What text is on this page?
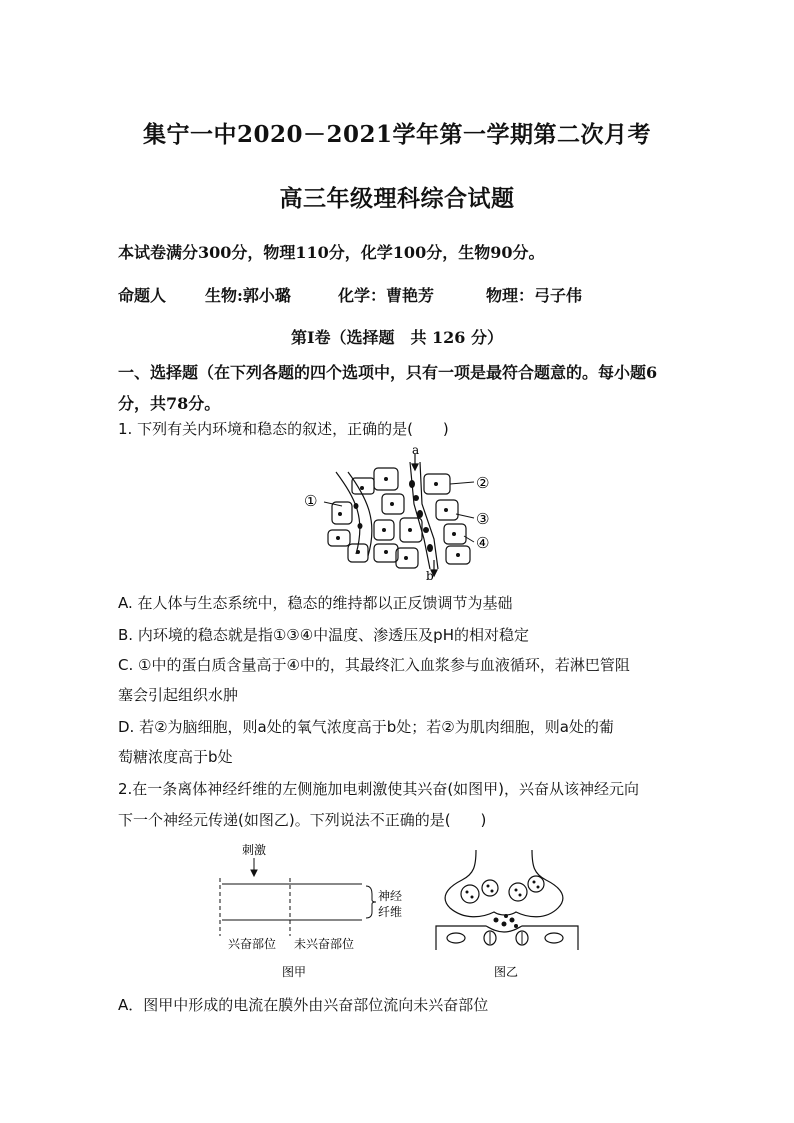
集宁一中2020－2021学年第一学期第二次月考
高三年级理科综合试题
本试卷满分300分，物理110分，化学100分，生物90分。
命题人 生物:郭小璐	化学：曹艳芳	物理：弓子伟
第Ⅰ卷（选择题　共 126 分）
一、选择题（在下列各题的四个选项中，只有一项是最符合题意的。每小题6
分，共78分。
1. 下列有关内环境和稳态的叙述，正确的是(　　)
a
b
①
②
③
④
A. 在人体与生态系统中，稳态的维持都以正反馈调节为基础
B. 内环境的稳态就是指①③④中温度、渗透压及pH的相对稳定
C. ①中的蛋白质含量高于④中的，其最终汇入血浆参与血液循环，若淋巴管阻
塞会引起组织水肿
D. 若②为脑细胞，则a处的氧气浓度高于b处；若②为肌肉细胞，则a处的葡
萄糖浓度高于b处
2.在一条离体神经纤维的左侧施加电刺激使其兴奋(如图甲)，兴奋从该神经元向
下一个神经元传递(如图乙)。下列说法不正确的是(　　)
刺激
神经
纤维
兴奋部位 未兴奋部位
图甲	图乙
A．图甲中形成的电流在膜外由兴奋部位流向未兴奋部位
